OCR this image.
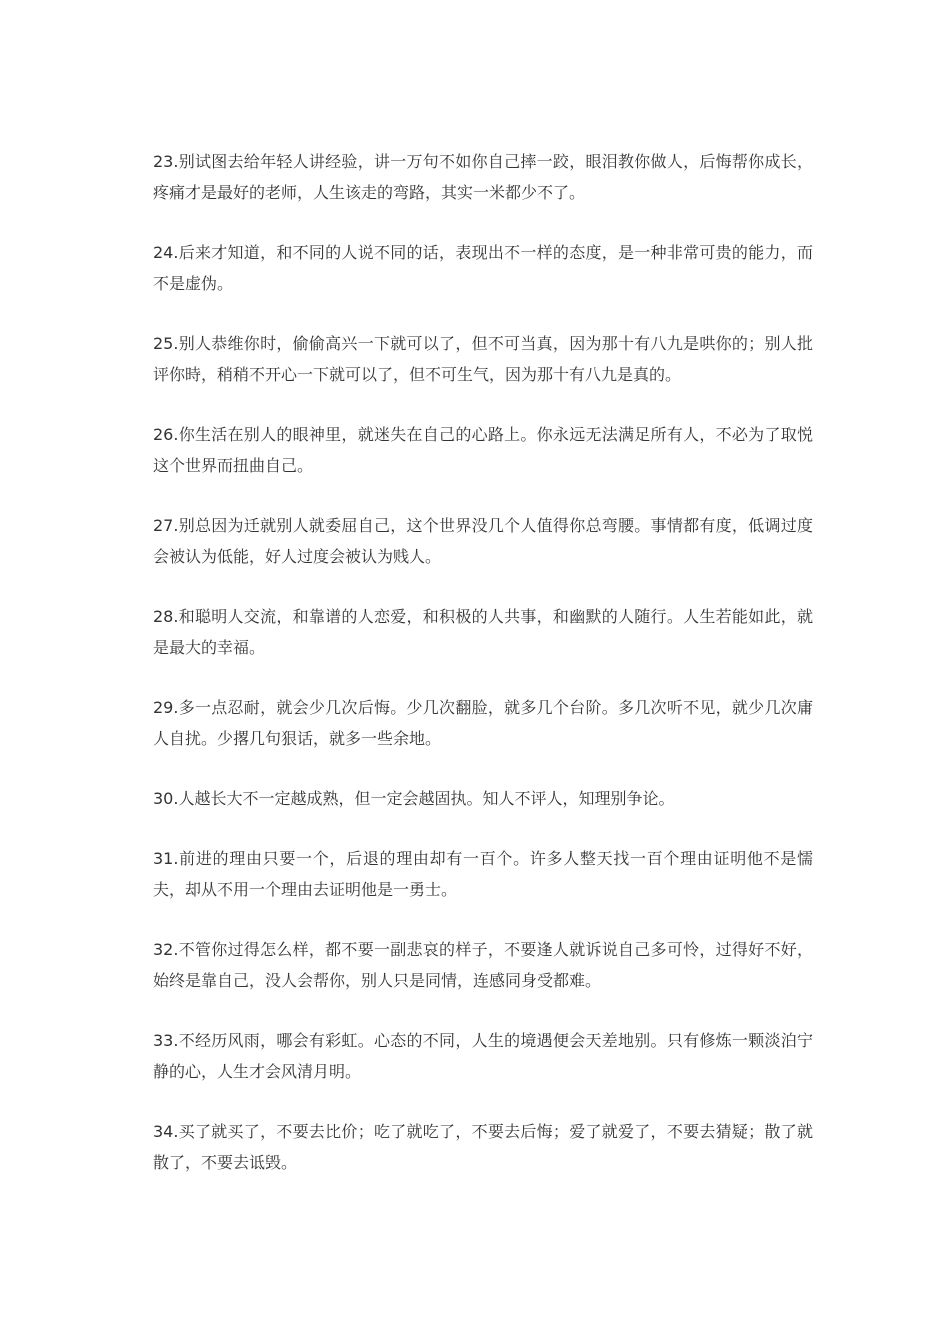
23.别试图去给年轻人讲经验，讲一万句不如你自己摔一跤，眼泪教你做人，后悔帮你成长，疼痛才是最好的老师，人生该走的弯路，其实一米都少不了。

24.后来才知道，和不同的人说不同的话，表现出不一样的态度，是一种非常可贵的能力，而不是虚伪。

25.别人恭维你时，偷偷高兴一下就可以了，但不可当真，因为那十有八九是哄你的；别人批评你時，稍稍不开心一下就可以了，但不可生气，因为那十有八九是真的。

26.你生活在别人的眼神里，就迷失在自己的心路上。你永远无法满足所有人，不必为了取悦这个世界而扭曲自己。

27.别总因为迁就别人就委屈自己，这个世界没几个人值得你总弯腰。事情都有度，低调过度会被认为低能，好人过度会被认为贱人。

28.和聪明人交流，和靠谱的人恋爱，和积极的人共事，和幽默的人随行。人生若能如此，就是最大的幸福。

29.多一点忍耐，就会少几次后悔。少几次翻脸，就多几个台阶。多几次听不见，就少几次庸人自扰。少撂几句狠话，就多一些余地。

30.人越长大不一定越成熟，但一定会越固执。知人不评人，知理别争论。

31.前进的理由只要一个，后退的理由却有一百个。许多人整天找一百个理由证明他不是懦夫，却从不用一个理由去证明他是一勇士。

32.不管你过得怎么样，都不要一副悲哀的样子，不要逢人就诉说自己多可怜，过得好不好，始终是靠自己，没人会帮你，别人只是同情，连感同身受都难。

33.不经历风雨，哪会有彩虹。心态的不同，人生的境遇便会天差地别。只有修炼一颗淡泊宁静的心，人生才会风清月明。

34.买了就买了，不要去比价；吃了就吃了，不要去后悔；爱了就爱了，不要去猜疑；散了就散了，不要去诋毁。
